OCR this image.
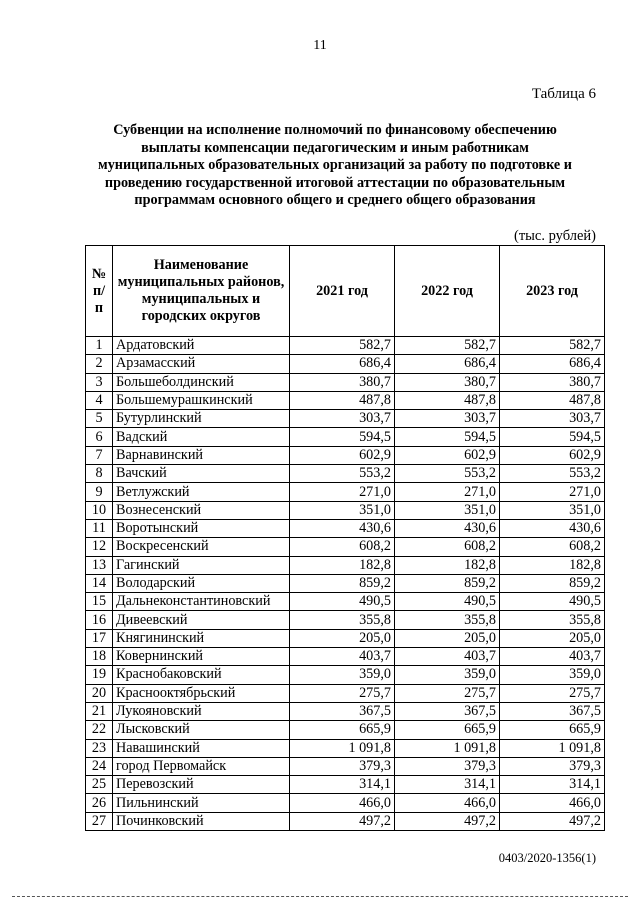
11
Таблица 6
Субвенции на исполнение полномочий по финансовому обеспечению выплаты компенсации педагогическим и иным работникам муниципальных образовательных организаций за работу по подготовке и проведению государственной итоговой аттестации по образовательным программам основного общего и среднего общего образования
(тыс. рублей)
№ п/п	Наименование муниципальных районов, муниципальных и городских округов	2021 год	2022 год	2023 год
1	Ардатовский	582,7	582,7	582,7
2	Арзамасский	686,4	686,4	686,4
3	Большеболдинский	380,7	380,7	380,7
4	Большемурашкинский	487,8	487,8	487,8
5	Бутурлинский	303,7	303,7	303,7
6	Вадский	594,5	594,5	594,5
7	Варнавинский	602,9	602,9	602,9
8	Вачский	553,2	553,2	553,2
9	Ветлужский	271,0	271,0	271,0
10	Вознесенский	351,0	351,0	351,0
11	Воротынский	430,6	430,6	430,6
12	Воскресенский	608,2	608,2	608,2
13	Гагинский	182,8	182,8	182,8
14	Володарский	859,2	859,2	859,2
15	Дальнеконстантиновский	490,5	490,5	490,5
16	Дивеевский	355,8	355,8	355,8
17	Княгининский	205,0	205,0	205,0
18	Ковернинский	403,7	403,7	403,7
19	Краснобаковский	359,0	359,0	359,0
20	Краснооктябрьский	275,7	275,7	275,7
21	Лукояновский	367,5	367,5	367,5
22	Лысковский	665,9	665,9	665,9
23	Навашинский	1 091,8	1 091,8	1 091,8
24	город Первомайск	379,3	379,3	379,3
25	Перевозский	314,1	314,1	314,1
26	Пильнинский	466,0	466,0	466,0
27	Починковский	497,2	497,2	497,2
0403/2020-1356(1)
